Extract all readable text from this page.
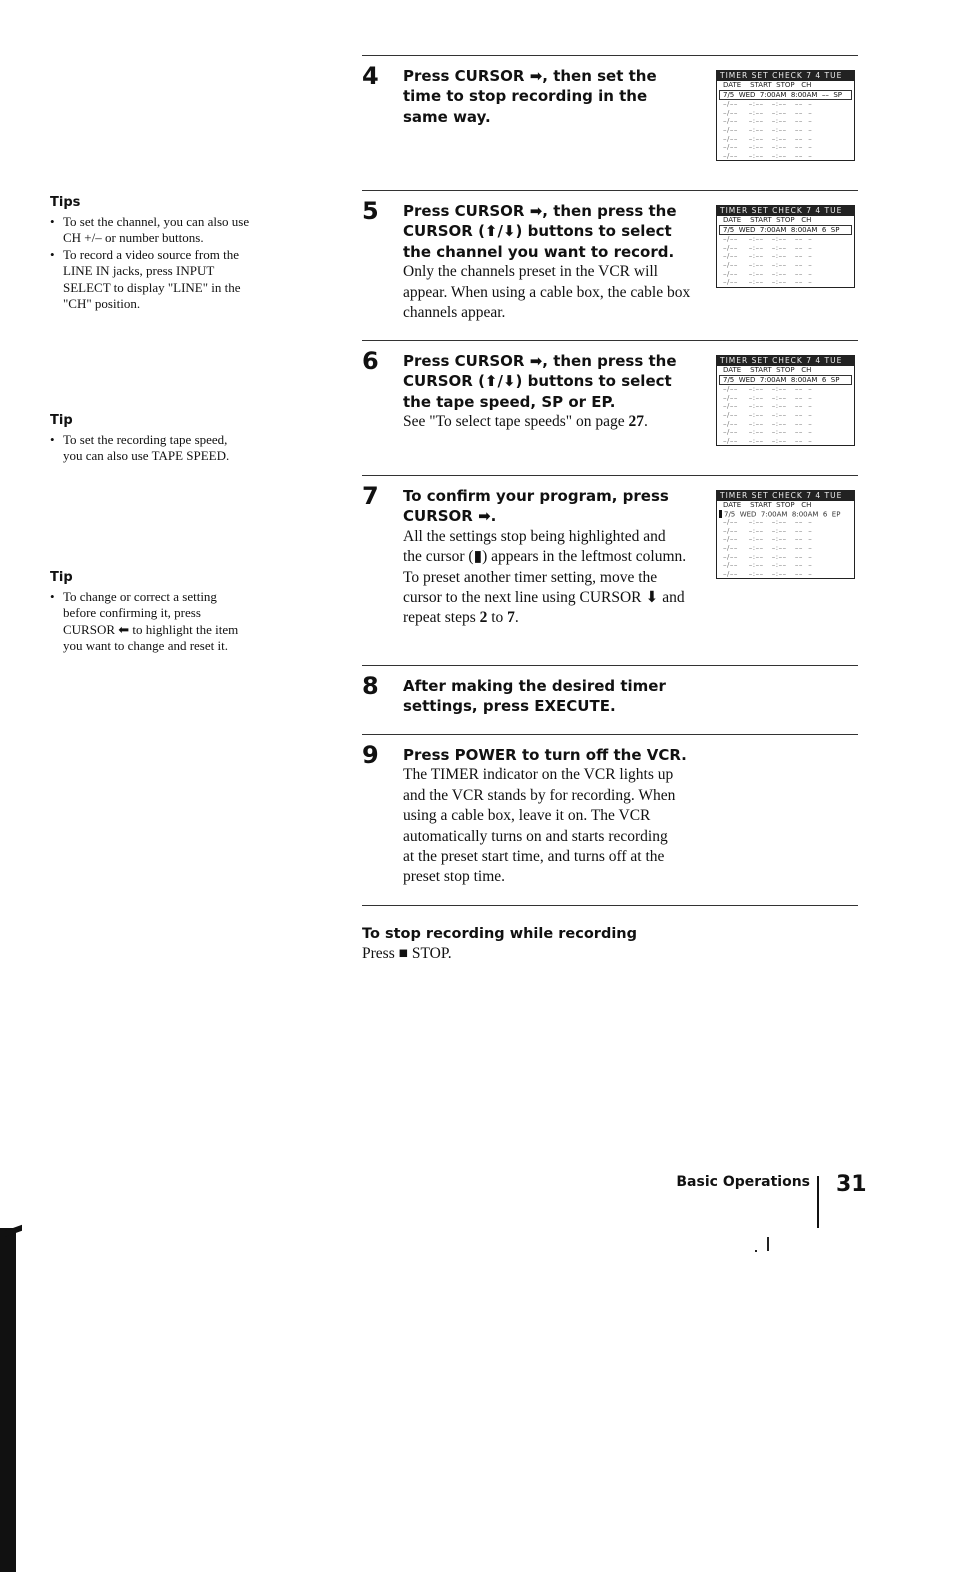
Tips
• To set the channel, you can also use CH +/– or number buttons.
• To record a video source from the LINE IN jacks, press INPUT SELECT to display "LINE" in the "CH" position.
Tip
• To set the recording tape speed, you can also use TAPE SPEED.
Tip
• To change or correct a setting before confirming it, press CURSOR ⬅ to highlight the item you want to change and reset it.
4 Press CURSOR ➡, then set the time to stop recording in the same way.
5 Press CURSOR ➡, then press the CURSOR (⬆/⬇) buttons to select the channel you want to record.
Only the channels preset in the VCR will appear. When using a cable box, the cable box channels appear.
6 Press CURSOR ➡, then press the CURSOR (⬆/⬇) buttons to select the tape speed, SP or EP.
See "To select tape speeds" on page 27.
7 To confirm your program, press CURSOR ➡.
All the settings stop being highlighted and the cursor (▮) appears in the leftmost column.
To preset another timer setting, move the cursor to the next line using CURSOR ⬇ and repeat steps 2 to 7.
8 After making the desired timer settings, press EXECUTE.
9 Press POWER to turn off the VCR.
The TIMER indicator on the VCR lights up and the VCR stands by for recording. When using a cable box, leave it on. The VCR automatically turns on and starts recording at the preset start time, and turns off at the preset stop time.
TIMER SET CHECK 7 4 TUE
DATE    START  STOP   CH
7/5  WED  7:00AM  8:00AM  ––  SP
–/––    –:––   –:––   ––  –
–/––    –:––   –:––   ––  –
–/––    –:––   –:––   ––  –
–/––    –:––   –:––   ––  –
–/––    –:––   –:––   ––  –
–/––    –:––   –:––   ––  –
–/––    –:––   –:––   ––  –
TIMER SET CHECK 7 4 TUE
DATE    START  STOP   CH
7/5  WED  7:00AM  8:00AM  6  SP
–/––    –:––   –:––   ––  –
–/––    –:––   –:––   ––  –
–/––    –:––   –:––   ––  –
–/––    –:––   –:––   ––  –
–/––    –:––   –:––   ––  –
–/––    –:––   –:––   ––  –
TIMER SET CHECK 7 4 TUE
DATE    START  STOP   CH
7/5  WED  7:00AM  8:00AM  6  SP
–/––    –:––   –:––   ––  –
–/––    –:––   –:––   ––  –
–/––    –:––   –:––   ––  –
–/––    –:––   –:––   ––  –
–/––    –:––   –:––   ––  –
–/––    –:––   –:––   ––  –
–/––    –:––   –:––   ––  –
TIMER SET CHECK 7 4 TUE
DATE    START  STOP   CH
7/5  WED  7:00AM  8:00AM  6  EP
–/––    –:––   –:––   ––  –
–/––    –:––   –:––   ––  –
–/––    –:––   –:––   ––  –
–/––    –:––   –:––   ––  –
–/––    –:––   –:––   ––  –
–/––    –:––   –:––   ––  –
–/––    –:––   –:––   ––  –
To stop recording while recording

Press ■ STOP.

Basic Operations 31
